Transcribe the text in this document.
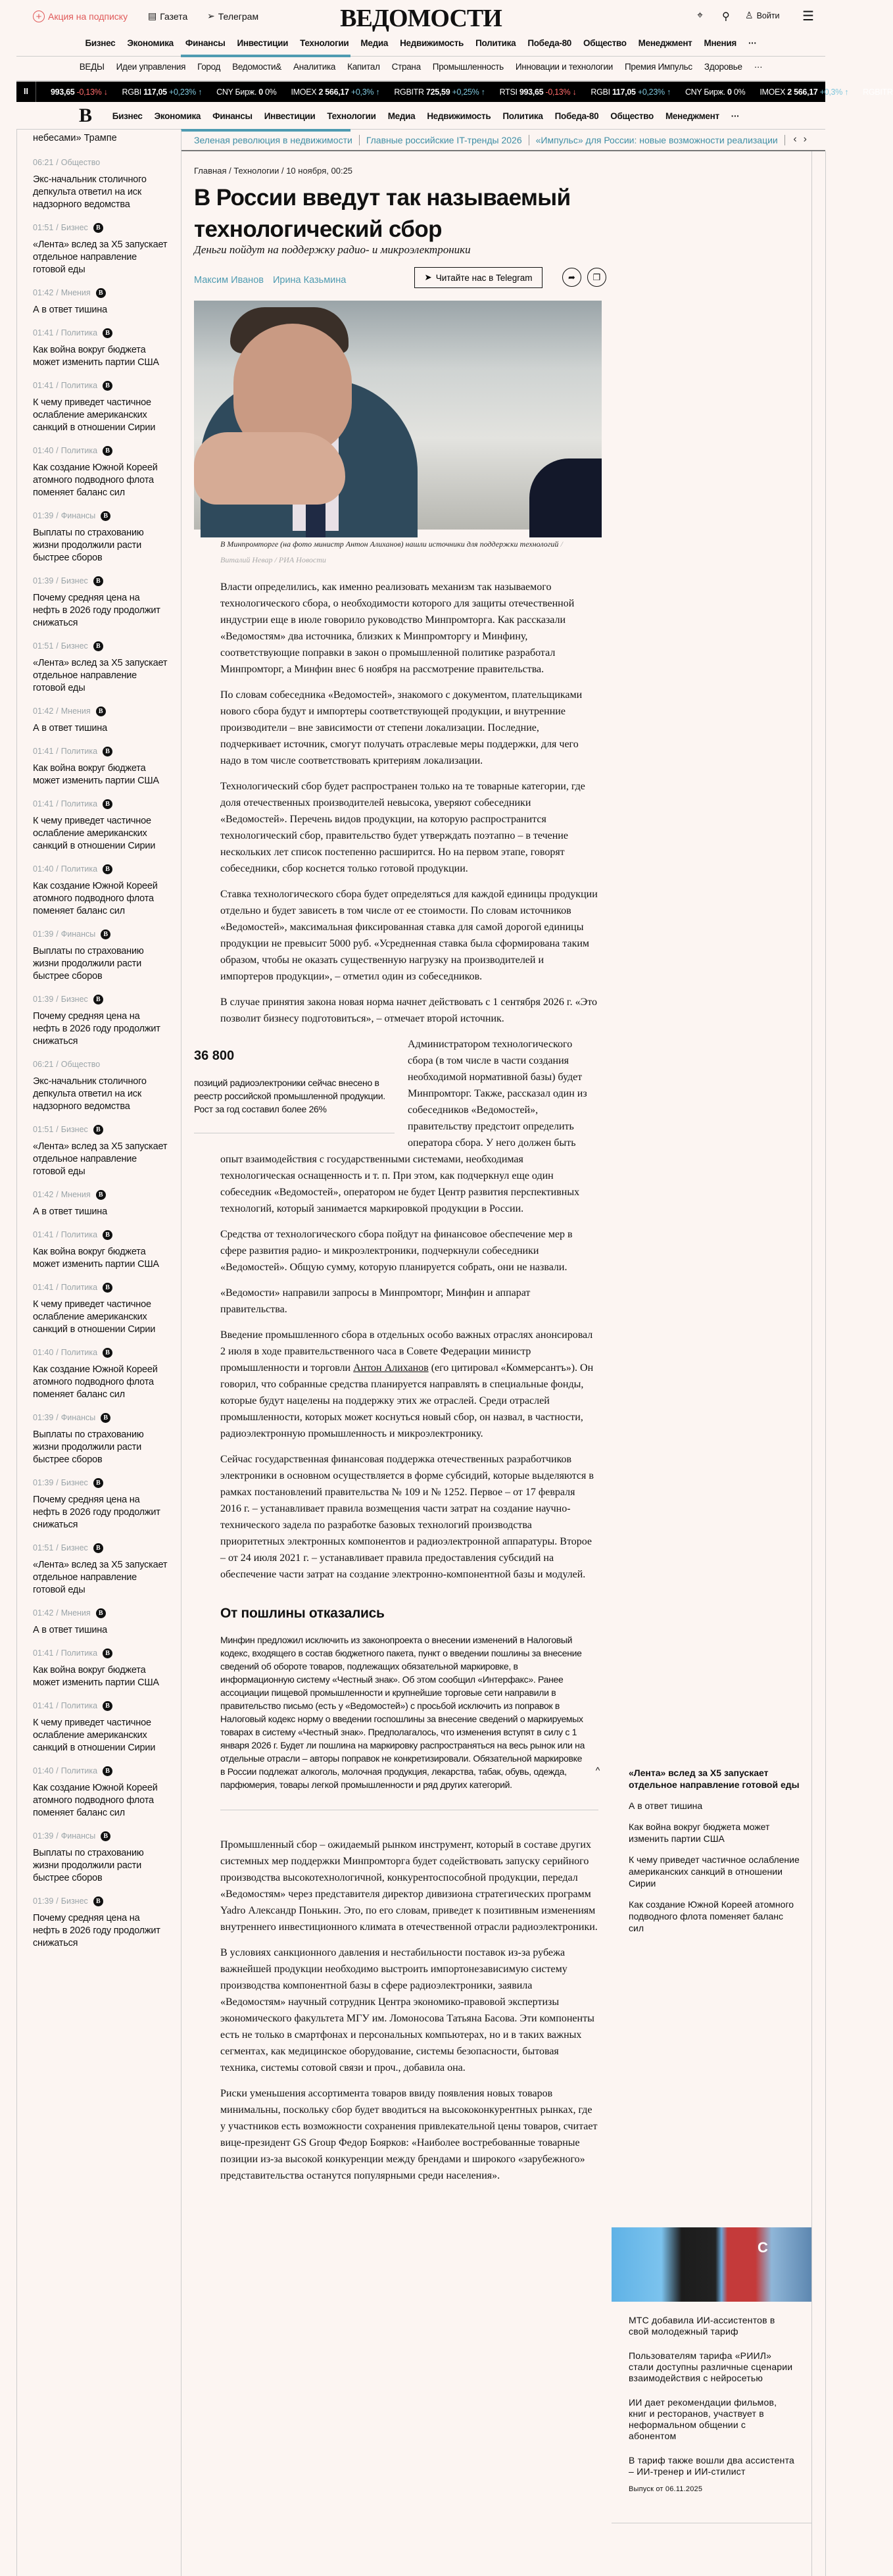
+ Акция на подписку ▤ Газета ➢ Телеграм	ВЕДОМОСТИ	⌖ ⚲ ♙ Войти ☰
Бизнес	Экономика	Финансы	Инвестиции	Технологии	Медиа	Недвижимость	Политика	Победа-80	Общество	Менеджмент	Мнения	···
ВЕДЫ	Идеи управления	Город	Ведомости&	Аналитика	Капитал	Страна	Промышленность	Инновации и технологии	Премия Импульс	Здоровье	···
II	993,65 -0,13% ↓ RGBI 117,05 +0,23% ↑ CNY Бирж. 0 0% IMOEX 2 566,17 +0,3% ↑ RGBITR 725,59 +0,25% ↑ RTSI 993,65 -0,13% ↓ RGBI 117,05 +0,23% ↑ CNY Бирж. 0 0% IMOEX 2 566,17 +0,3% ↑ RGBITR
В	Бизнес	Экономика	Финансы	Инвестиции	Технологии	Медиа	Недвижимость	Политика	Победа-80	Общество	Менеджмент	···
Зеленая революция в недвижимости	Главные российские IT-тренды 2026	«Импульс» для России: новые возможности реализации	‹›
небесами» Трампе
06:21 / Общество
Экс-начальник столичного депкульта ответил на иск надзорного ведомства
01:51 / Бизнес	В
«Лента» вслед за Х5 запускает отдельное направление готовой еды
01:42 / Мнения	В
А в ответ тишина
01:41 / Политика	В
Как война вокруг бюджета может изменить партии США
01:41 / Политика	В
К чему приведет частичное ослабление американских санкций в отношении Сирии
01:40 / Политика	В
Как создание Южной Кореей атомного подводного флота поменяет баланс сил
01:39 / Финансы	В
Выплаты по страхованию жизни продолжили расти быстрее сборов
01:39 / Бизнес	В
Почему средняя цена на нефть в 2026 году продолжит снижаться
01:51 / Бизнес	В
«Лента» вслед за Х5 запускает отдельное направление готовой еды
01:42 / Мнения	В
А в ответ тишина
01:41 / Политика	В
Как война вокруг бюджета может изменить партии США
01:41 / Политика	В
К чему приведет частичное ослабление американских санкций в отношении Сирии
01:40 / Политика	В
Как создание Южной Кореей атомного подводного флота поменяет баланс сил
01:39 / Финансы	В
Выплаты по страхованию жизни продолжили расти быстрее сборов
01:39 / Бизнес	В
Почему средняя цена на нефть в 2026 году продолжит снижаться
06:21 / Общество
Экс-начальник столичного депкульта ответил на иск надзорного ведомства
01:51 / Бизнес	В
«Лента» вслед за Х5 запускает отдельное направление готовой еды
01:42 / Мнения	В
А в ответ тишина
01:41 / Политика	В
Как война вокруг бюджета может изменить партии США
01:41 / Политика	В
К чему приведет частичное ослабление американских санкций в отношении Сирии
01:40 / Политика	В
Как создание Южной Кореей атомного подводного флота поменяет баланс сил
01:39 / Финансы	В
Выплаты по страхованию жизни продолжили расти быстрее сборов
01:39 / Бизнес	В
Почему средняя цена на нефть в 2026 году продолжит снижаться
01:51 / Бизнес	В
«Лента» вслед за Х5 запускает отдельное направление готовой еды
01:42 / Мнения	В
А в ответ тишина
01:41 / Политика	В
Как война вокруг бюджета может изменить партии США
01:41 / Политика	В
К чему приведет частичное ослабление американских санкций в отношении Сирии
01:40 / Политика	В
Как создание Южной Кореей атомного подводного флота поменяет баланс сил
01:39 / Финансы	В
Выплаты по страхованию жизни продолжили расти быстрее сборов
01:39 / Бизнес	В
Почему средняя цена на нефть в 2026 году продолжит снижаться
«Лента» вслед за Х5 запускает отдельное направление готовой еды
А в ответ тишина
Как война вокруг бюджета может изменить партии США
К чему приведет частичное ослабление американских санкций в отношении Сирии
Как создание Южной Кореей атомного подводного флота поменяет баланс сил
С
МТС добавила ИИ-ассистентов в свой молодежный тариф
Пользователям тарифа «РИИЛ» стали доступны различные сценарии взаимодействия с нейросетью
ИИ дает рекомендации фильмов, книг и ресторанов, участвует в неформальном общении с абонентом
В тариф также вошли два ассистента – ИИ-тренер и ИИ-стилист
Выпуск от 06.11.2025
Главная / Технологии / 10 ноября, 00:25
В России введут так называемый технологический сбор
Деньги пойдут на поддержку радио- и микроэлектроники
Максим Иванов Ирина Казьмина	➤ Читайте нас в Telegram	➦	❒
В Минпромторге (на фото министр Антон Алиханов) нашли источники для поддержки технологий / Виталий Невар / РИА Новости

Власти определились, как именно реализовать механизм так называемого технологического сбора, о необходимости которого для защиты отечественной индустрии еще в июле говорило руководство Минпромторга. Как рассказали «Ведомостям» два источника, близких к Минпромторгу и Минфину, соответствующие поправки в закон о промышленной политике разработал Минпромторг, а Минфин внес 6 ноября на рассмотрение правительства.

По словам собеседника «Ведомостей», знакомого с документом, плательщиками нового сбора будут и импортеры соответствующей продукции, и внутренние производители – вне зависимости от степени локализации. Последние, подчеркивает источник, смогут получать отраслевые меры поддержки, для чего надо в том числе соответствовать критериям локализации.

Технологический сбор будет распространен только на те товарные категории, где доля отечественных производителей невысока, уверяют собеседники «Ведомостей». Перечень видов продукции, на которую распространится технологический сбор, правительство будет утверждать поэтапно – в течение нескольких лет список постепенно расширится. Но на первом этапе, говорят собеседники, сбор коснется только готовой продукции.

Ставка технологического сбора будет определяться для каждой единицы продукции отдельно и будет зависеть в том числе от ее стоимости. По словам источников «Ведомостей», максимальная фиксированная ставка для самой дорогой единицы продукции не превысит 5000 руб. «Усредненная ставка была сформирована таким образом, чтобы не оказать существенную нагрузку на производителей и импортеров продукции», – отметил один из собеседников.

В случае принятия закона новая норма начнет действовать с 1 сентября 2026 г. «Это позволит бизнесу подготовиться», – отмечает второй источник.

36 800
позиций радиоэлектроники сейчас внесено в реестр российской промышленной продукции. Рост за год составил более 26%

Администратором технологического сбора (в том числе в части создания необходимой нормативной базы) будет Минпромторг. Также, рассказал один из собеседников «Ведомостей», правительству предстоит определить оператора сбора. У него должен быть опыт взаимодействия с государственными системами, необходимая технологическая оснащенность и т. п. При этом, как подчеркнул еще один собеседник «Ведомостей», оператором не будет Центр развития перспективных технологий, который занимается маркировкой продукции в России.

Средства от технологического сбора пойдут на финансовое обеспечение мер в сфере развития радио- и микроэлектроники, подчеркнули собеседники «Ведомостей». Общую сумму, которую планируется собрать, они не назвали.

«Ведомости» направили запросы в Минпромторг, Минфин и аппарат правительства.

Введение промышленного сбора в отдельных особо важных отраслях анонсировал 2 июля в ходе правительственного часа в Совете Федерации министр промышленности и торговли Антон Алиханов (его цитировал «Коммерсантъ»). Он говорил, что собранные средства планируется направлять в специальные фонды, которые будут нацелены на поддержку этих же отраслей. Среди отраслей промышленности, которых может коснуться новый сбор, он назвал, в частности, радиоэлектронную промышленность и микроэлектронику.

Сейчас государственная финансовая поддержка отечественных разработчиков электроники в основном осуществляется в форме субсидий, которые выделяются в рамках постановлений правительства № 109 и № 1252. Первое – от 17 февраля 2016 г. – устанавливает правила возмещения части затрат на создание научно-технического задела по разработке базовых технологий производства приоритетных электронных компонентов и радиоэлектронной аппаратуры. Второе – от 24 июля 2021 г. – устанавливает правила предоставления субсидий на обеспечение части затрат на создание электронно-компонентной базы и модулей.

От пошлины отказались
Минфин предложил исключить из законопроекта о внесении изменений в Налоговый кодекс, входящего в состав бюджетного пакета, пункт о введении пошлины за внесение сведений об обороте товаров, подлежащих обязательной маркировке, в информационную систему «Честный знак». Об этом сообщил «Интерфакс». Ранее ассоциации пищевой промышленности и крупнейшие торговые сети направили в правительство письмо (есть у «Ведомостей») с просьбой исключить из поправок в Налоговый кодекс норму о введении госпошлины за внесение сведений о маркируемых товарах в систему «Честный знак». Предполагалось, что изменения вступят в силу с 1 января 2026 г. Будет ли пошлина на маркировку распространяться на весь рынок или на отдельные отрасли – авторы поправок не конкретизировали. Обязательной маркировке в России подлежат алкоголь, молочная продукция, лекарства, табак, обувь, одежда, парфюмерия, товары легкой промышленности и ряд других категорий.
^

Промышленный сбор – ожидаемый рынком инструмент, который в составе других системных мер поддержки Минпромторга будет содействовать запуску серийного производства высокотехнологичной, конкурентоспособной продукции, передал «Ведомостям» через представителя директор дивизиона стратегических программ Yadro Александр Понькин. Это, по его словам, приведет к позитивным изменениям внутреннего инвестиционного климата в отечественной отрасли радиоэлектроники.

В условиях санкционного давления и нестабильности поставок из-за рубежа важнейшей продукции необходимо выстроить импортонезависимую систему производства компонентной базы в сфере радиоэлектроники, заявила «Ведомостям» научный сотрудник Центра экономико-правовой экспертизы экономического факультета МГУ им. Ломоносова Татьяна Басова. Эти компоненты есть не только в смартфонах и персональных компьютерах, но и в таких важных сегментах, как медицинское оборудование, системы безопасности, бытовая техника, системы сотовой связи и проч., добавила она.

Риски уменьшения ассортимента товаров ввиду появления новых товаров минимальны, поскольку сбор будет вводиться на высококонкурентных рынках, где у участников есть возможности сохранения привлекательной цены товаров, считает вице-президент GS Group Федор Боярков: «Наиболее востребованные товарные позиции из-за высокой конкуренции между брендами и широкого «зарубежного» представительства останутся популярными среди населения».
